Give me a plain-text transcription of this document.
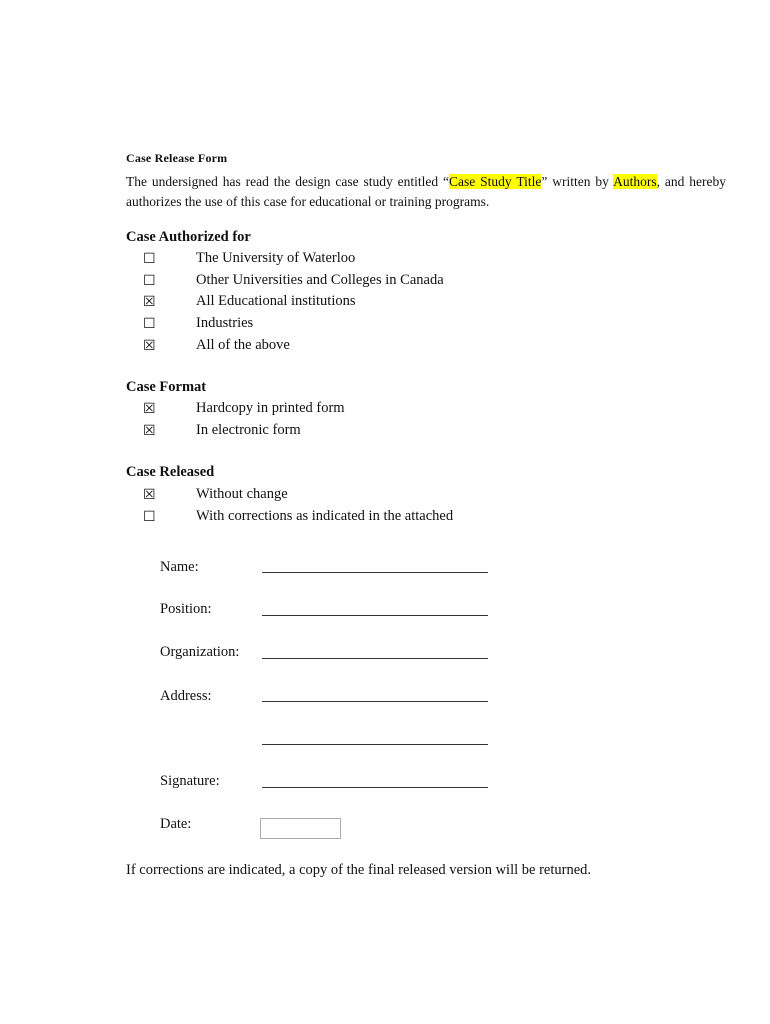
Case Release Form
The undersigned has read the design case study entitled “Case Study Title” written by Authors, and hereby authorizes the use of this case for educational or training programs.
Case Authorized for
☐	The University of Waterloo
☐	Other Universities and Colleges in Canada
☒	All Educational institutions
☐	Industries
☒	All of the above
Case Format
☒	Hardcopy in printed form
☒	In electronic form
Case Released
☒	Without change
☐	With corrections as indicated in the attached
Name:
Position:
Organization:
Address:
Signature:
Date:
If corrections are indicated, a copy of the final released version will be returned.
